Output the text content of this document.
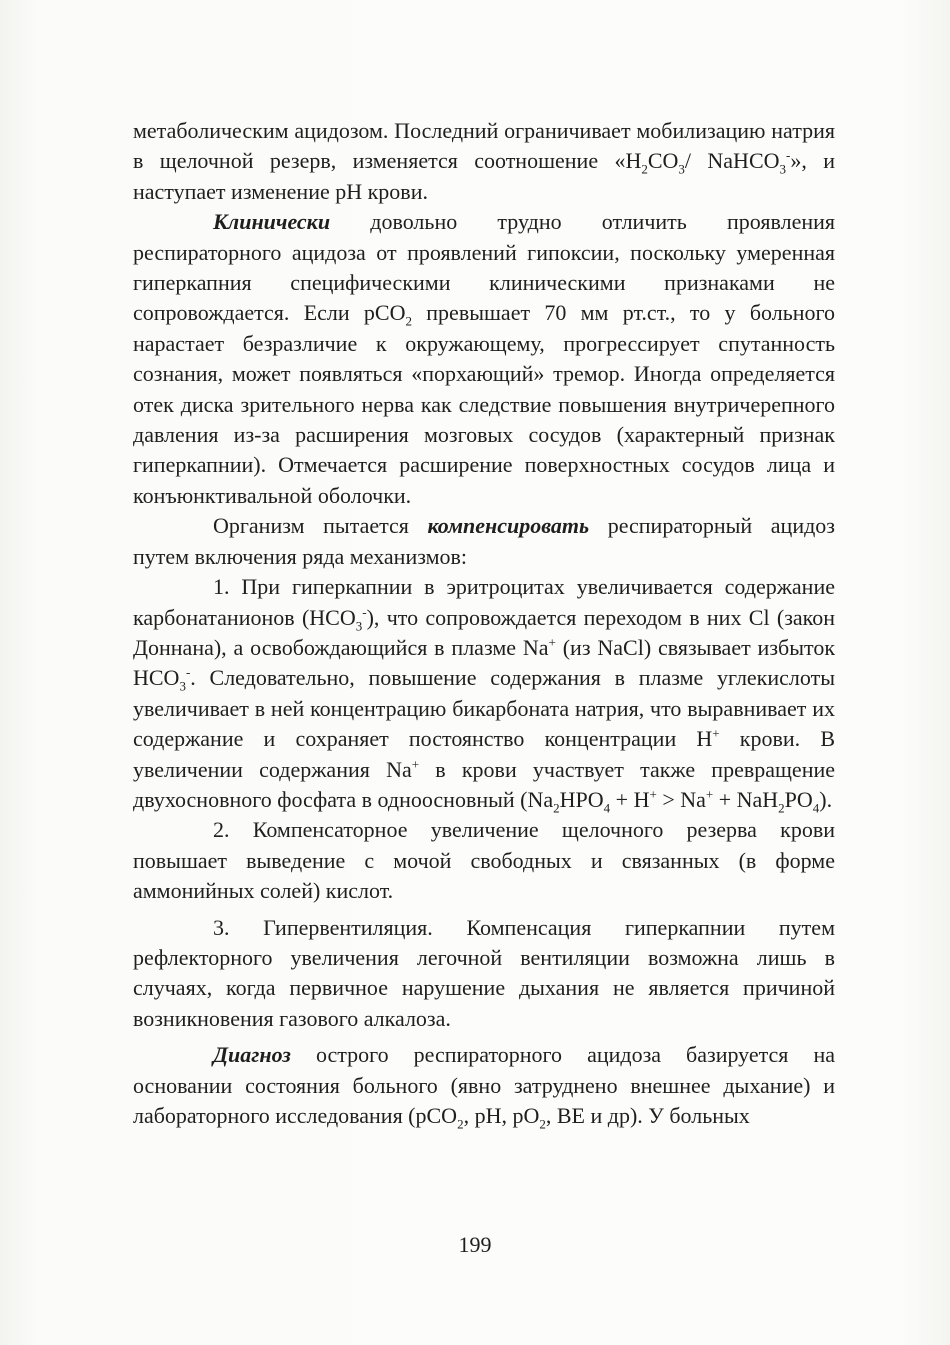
метаболическим ацидозом. Последний ограничивает мобилизацию натрия в щелочной резерв, изменяется соотношение «$H_2CO_3/$ NaHCO$_3$-», и наступает изменение pH крови.

Клинически довольно трудно отличить проявления респираторного ацидоза от проявлений гипоксии, поскольку умеренная гиперкапния специфическими клиническими признаками не сопровождается. Если pCO$_2$ превышает 70 мм рт.ст., то у больного нарастает безразличие к окружающему, прогрессирует спутанность сознания, может появляться «порхающий» тремор. Иногда определяется отек диска зрительного нерва как следствие повышения внутричерепного давления из-за расширения мозговых сосудов (характерный признак гиперкапнии). Отмечается расширение поверхностных сосудов лица и конъюнктивальной оболочки.

Организм пытается компенсировать респираторный ацидоз путем включения ряда механизмов:

1. При гиперкапнии в эритроцитах увеличивается содержание карбонатанионов $(HCO_3^-)$, что сопровождается переходом в них Cl (закон Доннана), а освобождающийся в плазме Na+ (из NaCl) связывает избыток $HCO_3^-$. Следовательно, повышение содержания в плазме углекислоты увеличивает в ней концентрацию бикарбоната натрия, что выравнивает их содержание и сохраняет постоянство концентрации H+ крови. В увеличении содержания Na+ в крови участвует также превращение двухосновного фосфата в одноосновный $(Na_2HPO_4 + H^+ > Na^+ + NaH_2PO_4)$.

2. Компенсаторное увеличение щелочного резерва крови повышает выведение с мочой свободных и связанных (в форме аммонийных солей) кислот.

3. Гипервентиляция. Компенсация гиперкапнии путем рефлекторного увеличения легочной вентиляции возможна лишь в случаях, когда первичное нарушение дыхания не является причиной возникновения газового алкалоза.

Диагноз острого респираторного ацидоза базируется на основании состояния больного (явно затруднено внешнее дыхание) и лабораторного исследования (pCO$_2$, pH, $pO_2$, BE и др). У больных

199
